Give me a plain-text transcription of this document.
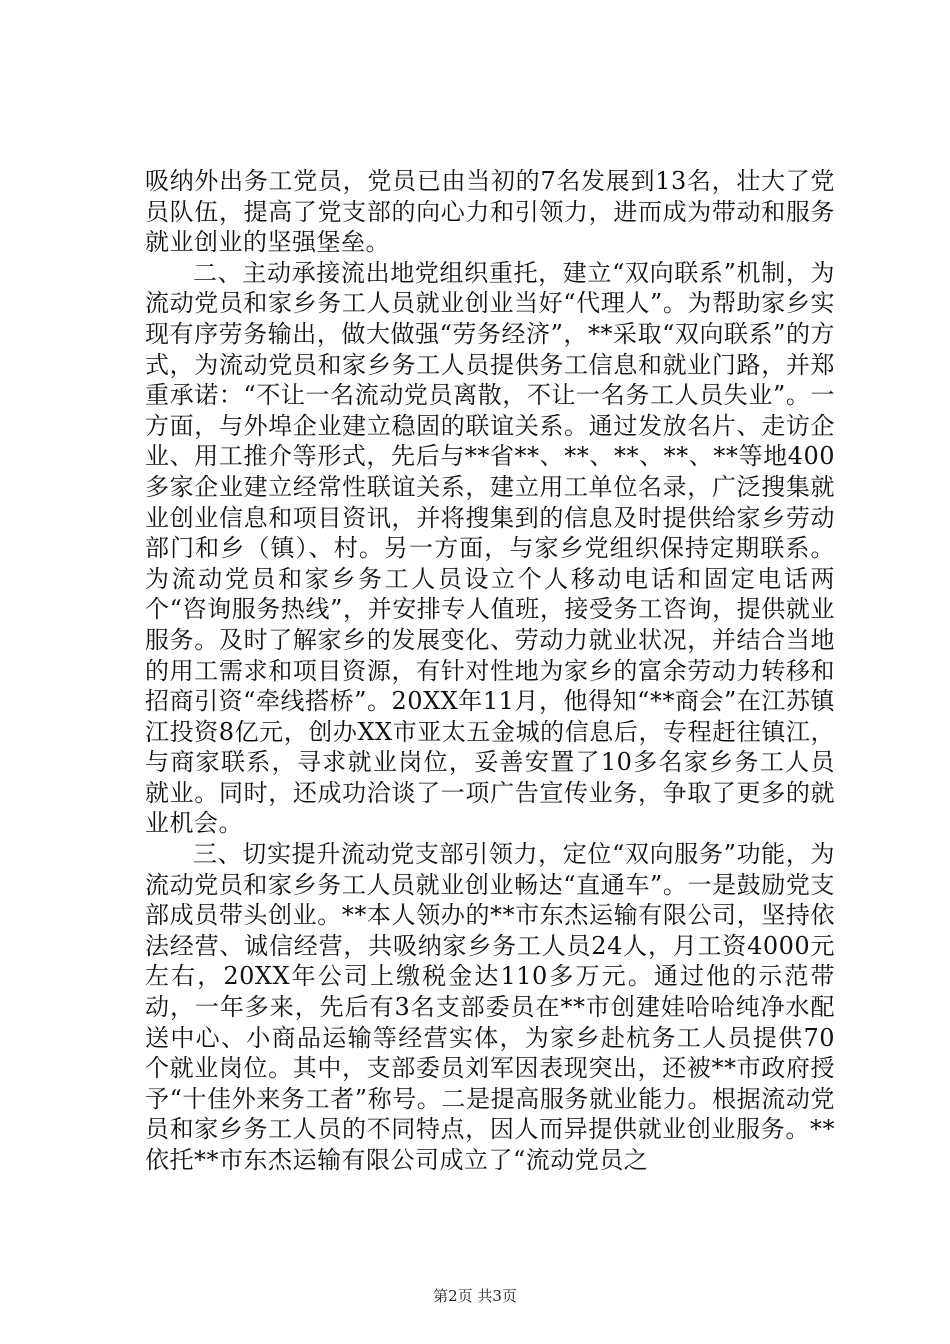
吸纳外出务工党员，党员已由当初的7名发展到13名，壮大了党员队伍，提高了党支部的向心力和引领力，进而成为带动和服务就业创业的坚强堡垒。

二、主动承接流出地党组织重托，建立“双向联系”机制，为流动党员和家乡务工人员就业创业当好“代理人”。为帮助家乡实现有序劳务输出，做大做强“劳务经济”，**采取“双向联系”的方式，为流动党员和家乡务工人员提供务工信息和就业门路，并郑重承诺：“不让一名流动党员离散，不让一名务工人员失业”。一方面，与外埠企业建立稳固的联谊关系。通过发放名片、走访企业、用工推介等形式，先后与**省**、**、**、**、**等地400多家企业建立经常性联谊关系，建立用工单位名录，广泛搜集就业创业信息和项目资讯，并将搜集到的信息及时提供给家乡劳动部门和乡（镇）、村。另一方面，与家乡党组织保持定期联系。为流动党员和家乡务工人员设立个人移动电话和固定电话两个“咨询服务热线”，并安排专人值班，接受务工咨询，提供就业服务。及时了解家乡的发展变化、劳动力就业状况，并结合当地的用工需求和项目资源，有针对性地为家乡的富余劳动力转移和招商引资“牵线搭桥”。20XX年11月，他得知“**商会”在江苏镇江投资8亿元，创办XX市亚太五金城的信息后，专程赶往镇江，与商家联系，寻求就业岗位，妥善安置了10多名家乡务工人员就业。同时，还成功洽谈了一项广告宣传业务，争取了更多的就业机会。

三、切实提升流动党支部引领力，定位“双向服务”功能，为流动党员和家乡务工人员就业创业畅达“直通车”。一是鼓励党支部成员带头创业。**本人领办的**市东杰运输有限公司，坚持依法经营、诚信经营，共吸纳家乡务工人员24人，月工资4000元左右，20XX年公司上缴税金达110多万元。通过他的示范带动，一年多来，先后有3名支部委员在**市创建娃哈哈纯净水配送中心、小商品运输等经营实体，为家乡赴杭务工人员提供70个就业岗位。其中，支部委员刘军因表现突出，还被**市政府授予“十佳外来务工者”称号。二是提高服务就业能力。根据流动党员和家乡务工人员的不同特点，因人而异提供就业创业服务。**依托**市东杰运输有限公司成立了“流动党员之

第2页 共3页
